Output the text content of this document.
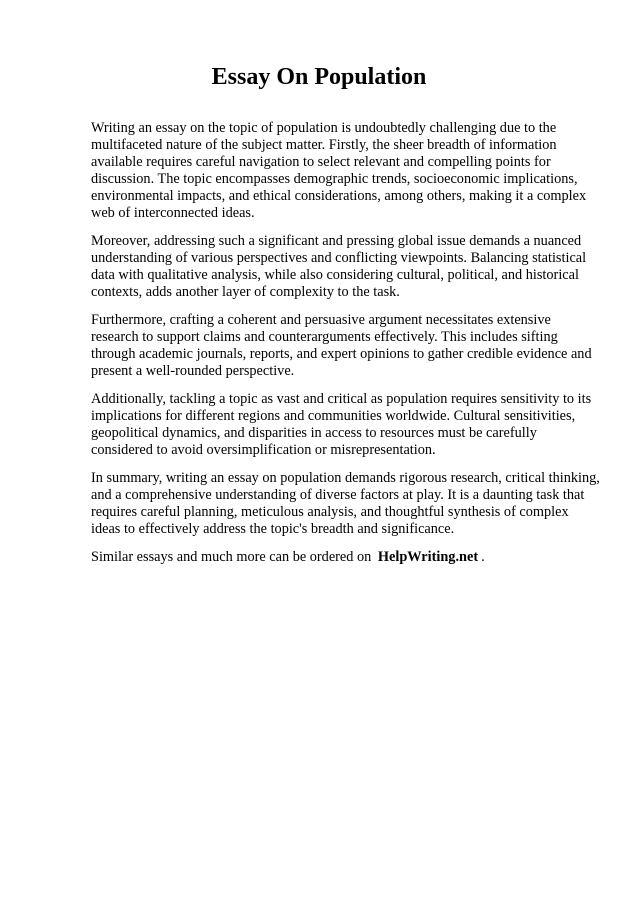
Essay On Population

Writing an essay on the topic of population is undoubtedly challenging due to the multifaceted nature of the subject matter. Firstly, the sheer breadth of information available requires careful navigation to select relevant and compelling points for discussion. The topic encompasses demographic trends, socioeconomic implications, environmental impacts, and ethical considerations, among others, making it a complex web of interconnected ideas.

Moreover, addressing such a significant and pressing global issue demands a nuanced understanding of various perspectives and conflicting viewpoints. Balancing statistical data with qualitative analysis, while also considering cultural, political, and historical contexts, adds another layer of complexity to the task.

Furthermore, crafting a coherent and persuasive argument necessitates extensive research to support claims and counterarguments effectively. This includes sifting through academic journals, reports, and expert opinions to gather credible evidence and present a well-rounded perspective.

Additionally, tackling a topic as vast and critical as population requires sensitivity to its implications for different regions and communities worldwide. Cultural sensitivities, geopolitical dynamics, and disparities in access to resources must be carefully considered to avoid oversimplification or misrepresentation.

In summary, writing an essay on population demands rigorous research, critical thinking, and a comprehensive understanding of diverse factors at play. It is a daunting task that requires careful planning, meticulous analysis, and thoughtful synthesis of complex ideas to effectively address the topic's breadth and significance.

Similar essays and much more can be ordered on HelpWriting.net .
